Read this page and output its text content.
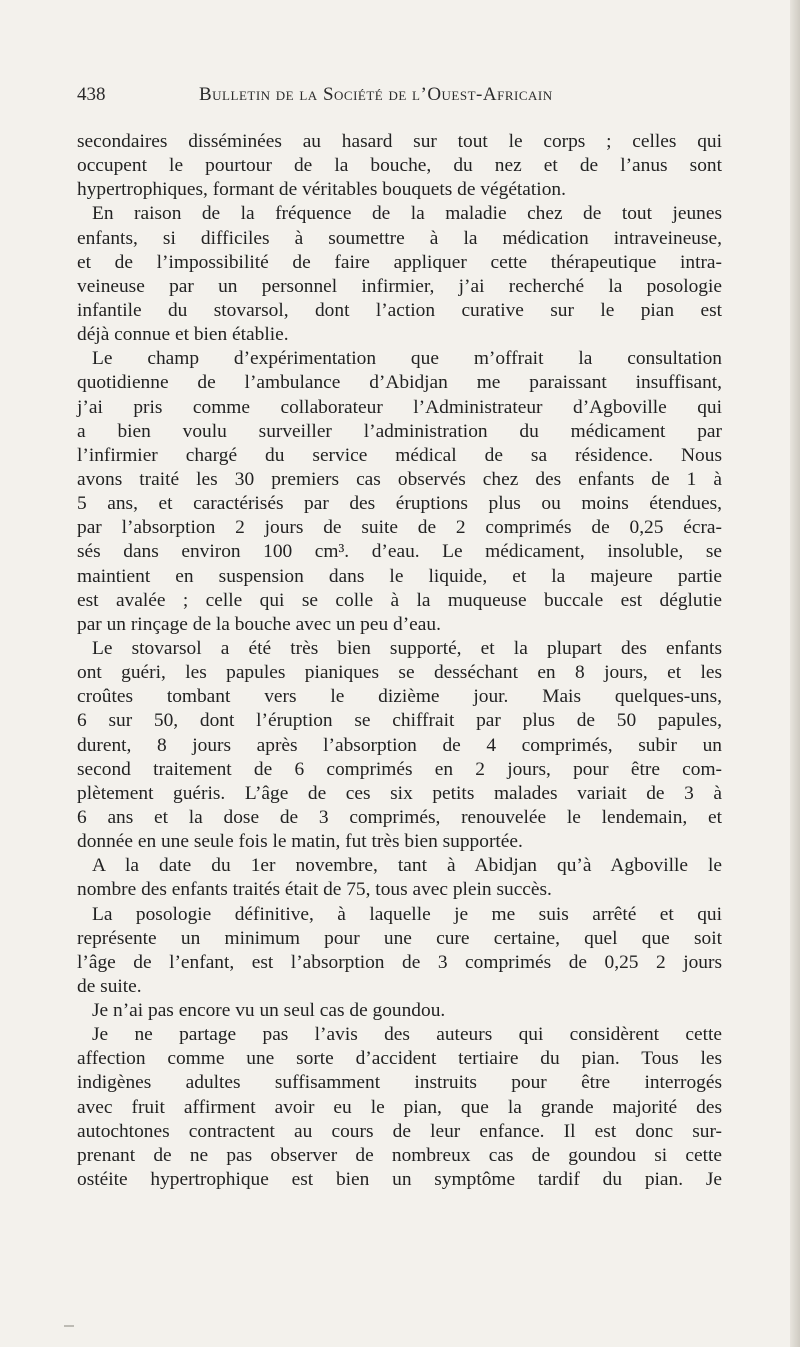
438	Bulletin de la Société de l’Ouest-Africain
secondaires disséminées au hasard sur tout le corps ; celles qui
occupent le pourtour de la bouche, du nez et de l’anus sont
hypertrophiques, formant de véritables bouquets de végétation.
En raison de la fréquence de la maladie chez de tout jeunes
enfants, si difficiles à soumettre à la médication intraveineuse,
et de l’impossibilité de faire appliquer cette thérapeutique intra-
veineuse par un personnel infirmier, j’ai recherché la posologie
infantile du stovarsol, dont l’action curative sur le pian est
déjà connue et bien établie.
Le champ d’expérimentation que m’offrait la consultation
quotidienne de l’ambulance d’Abidjan me paraissant insuffisant,
j’ai pris comme collaborateur l’Administrateur d’Agboville qui
a bien voulu surveiller l’administration du médicament par
l’infirmier chargé du service médical de sa résidence. Nous
avons traité les 30 premiers cas observés chez des enfants de 1 à
5 ans, et caractérisés par des éruptions plus ou moins étendues,
par l’absorption 2 jours de suite de 2 comprimés de 0,25 écra-
sés dans environ 100 cm³. d’eau. Le médicament, insoluble, se
maintient en suspension dans le liquide, et la majeure partie
est avalée ; celle qui se colle à la muqueuse buccale est déglutie
par un rinçage de la bouche avec un peu d’eau.
Le stovarsol a été très bien supporté, et la plupart des enfants
ont guéri, les papules pianiques se desséchant en 8 jours, et les
croûtes tombant vers le dizième jour. Mais quelques-uns,
6 sur 50, dont l’éruption se chiffrait par plus de 50 papules,
durent, 8 jours après l’absorption de 4 comprimés, subir un
second traitement de 6 comprimés en 2 jours, pour être com-
plètement guéris. L’âge de ces six petits malades variait de 3 à
6 ans et la dose de 3 comprimés, renouvelée le lendemain, et
donnée en une seule fois le matin, fut très bien supportée.
A la date du 1er novembre, tant à Abidjan qu’à Agboville le
nombre des enfants traités était de 75, tous avec plein succès.
La posologie définitive, à laquelle je me suis arrêté et qui
représente un minimum pour une cure certaine, quel que soit
l’âge de l’enfant, est l’absorption de 3 comprimés de 0,25 2 jours
de suite.
Je n’ai pas encore vu un seul cas de goundou.
Je ne partage pas l’avis des auteurs qui considèrent cette
affection comme une sorte d’accident tertiaire du pian. Tous les
indigènes adultes suffisamment instruits pour être interrogés
avec fruit affirment avoir eu le pian, que la grande majorité des
autochtones contractent au cours de leur enfance. Il est donc sur-
prenant de ne pas observer de nombreux cas de goundou si cette
ostéite hypertrophique est bien un symptôme tardif du pian. Je
